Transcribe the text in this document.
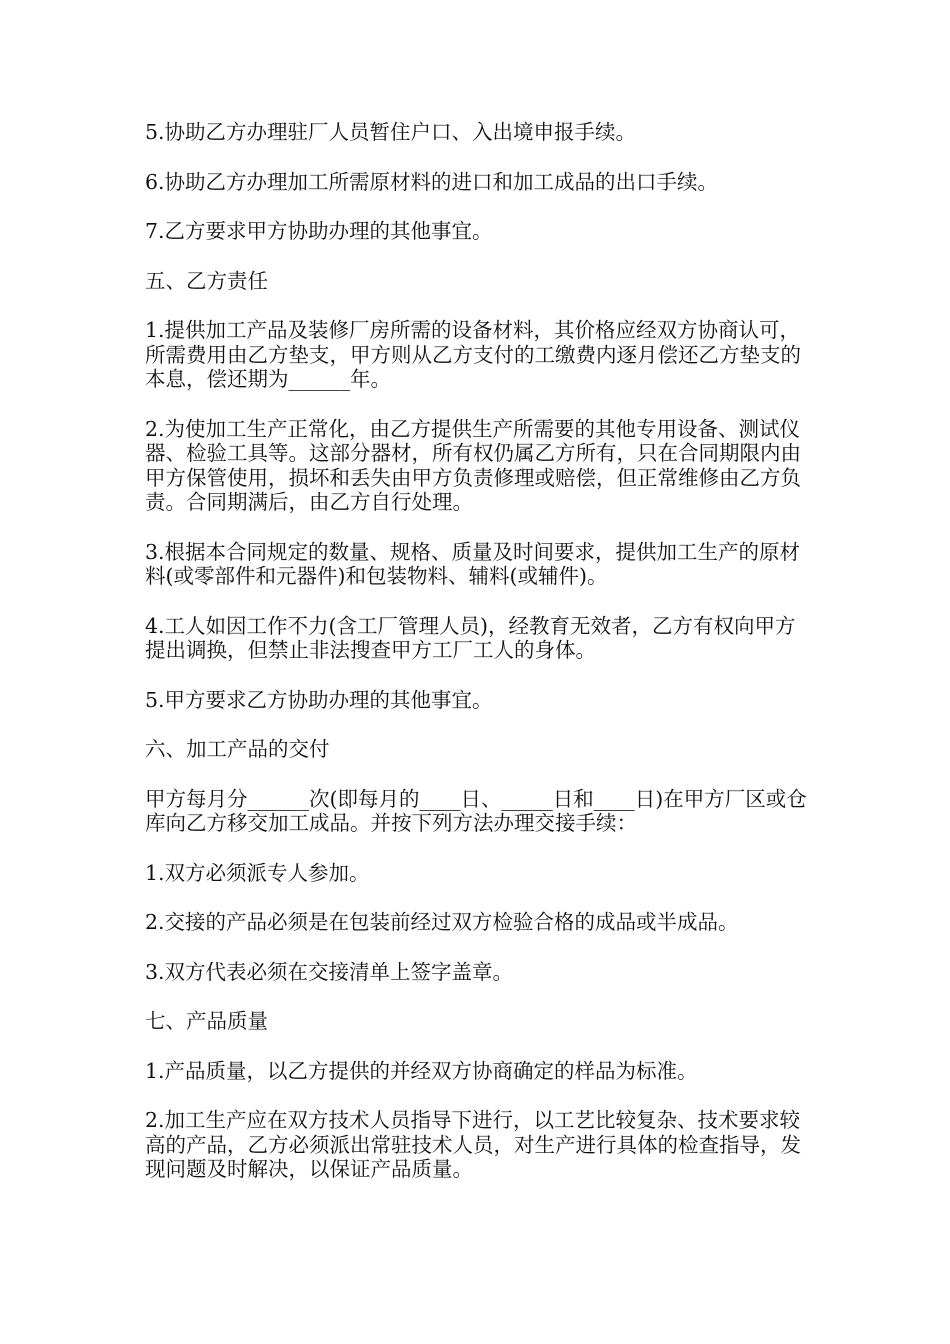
5.协助乙方办理驻厂人员暂住户口、入出境申报手续。

6.协助乙方办理加工所需原材料的进口和加工成品的出口手续。

7.乙方要求甲方协助办理的其他事宜。

五、乙方责任

1.提供加工产品及装修厂房所需的设备材料，其价格应经双方协商认可，所需费用由乙方垫支，甲方则从乙方支付的工缴费内逐月偿还乙方垫支的本息，偿还期为______年。

2.为使加工生产正常化，由乙方提供生产所需要的其他专用设备、测试仪器、检验工具等。这部分器材，所有权仍属乙方所有，只在合同期限内由甲方保管使用，损坏和丢失由甲方负责修理或赔偿，但正常维修由乙方负责。合同期满后，由乙方自行处理。

3.根据本合同规定的数量、规格、质量及时间要求，提供加工生产的原材料(或零部件和元器件)和包装物料、辅料(或辅件)。

4.工人如因工作不力(含工厂管理人员)，经教育无效者，乙方有权向甲方提出调换，但禁止非法搜查甲方工厂工人的身体。

5.甲方要求乙方协助办理的其他事宜。

六、加工产品的交付

甲方每月分______次(即每月的____日、_____日和____日)在甲方厂区或仓库向乙方移交加工成品。并按下列方法办理交接手续：

1.双方必须派专人参加。

2.交接的产品必须是在包装前经过双方检验合格的成品或半成品。

3.双方代表必须在交接清单上签字盖章。

七、产品质量

1.产品质量，以乙方提供的并经双方协商确定的样品为标准。

2.加工生产应在双方技术人员指导下进行，以工艺比较复杂、技术要求较高的产品，乙方必须派出常驻技术人员，对生产进行具体的检查指导，发现问题及时解决，以保证产品质量。
